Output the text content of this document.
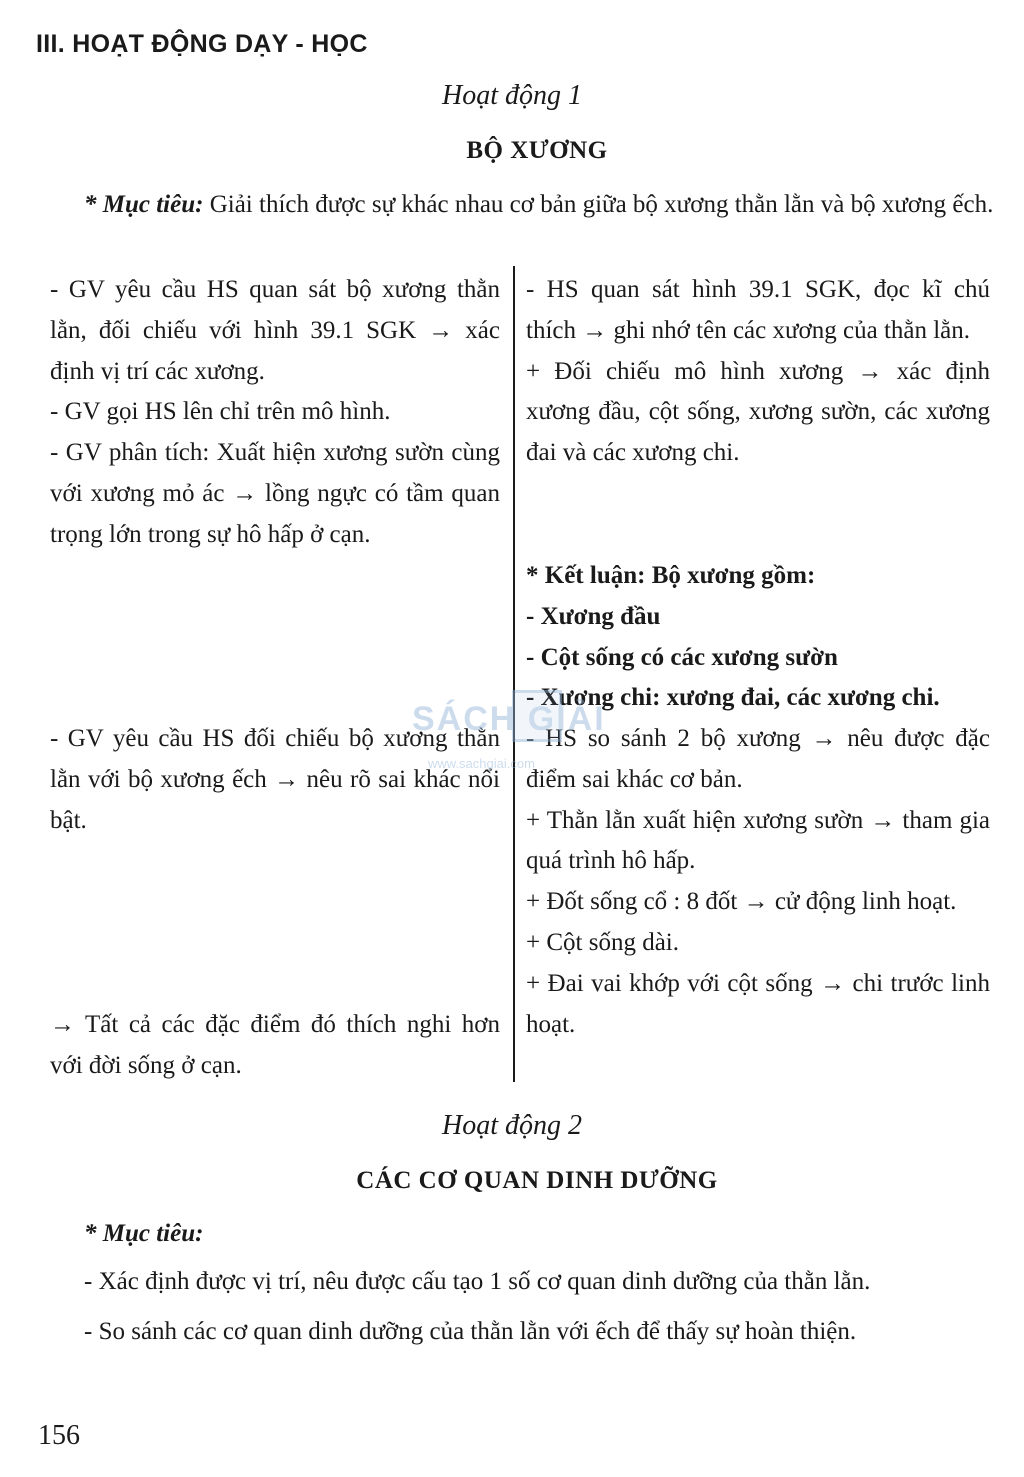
III. HOẠT ĐỘNG DẠY - HỌC
Hoạt động 1
BỘ XƯƠNG
* Mục tiêu: Giải thích được sự khác nhau cơ bản giữa bộ xương thằn lằn và bộ xương ếch.

- GV yêu cầu HS quan sát bộ xương thằn lằn, đối chiếu với hình 39.1 SGK → xác định vị trí các xương.

- GV gọi HS lên chỉ trên mô hình.

- GV phân tích: Xuất hiện xương sườn cùng với xương mỏ ác → lồng ngực có tầm quan trọng lớn trong sự hô hấp ở cạn.

- HS quan sát hình 39.1 SGK, đọc kĩ chú thích → ghi nhớ tên các xương của thằn lằn.

+ Đối chiếu mô hình xương → xác định xương đầu, cột sống, xương sườn, các xương đai và các xương chi.

* Kết luận: Bộ xương gồm:

- Xương đầu

- Cột sống có các xương sườn

- Xương chi: xương đai, các xương chi.

- GV yêu cầu HS đối chiếu bộ xương thằn lằn với bộ xương ếch → nêu rõ sai khác nổi bật.

- HS so sánh 2 bộ xương → nêu được đặc điểm sai khác cơ bản.

+ Thằn lằn xuất hiện xương sườn → tham gia quá trình hô hấp.

+ Đốt sống cổ : 8 đốt → cử động linh hoạt.

+ Cột sống dài.

+ Đai vai khớp với cột sống → chi trước linh hoạt.

→ Tất cả các đặc điểm đó thích nghi hơn với đời sống ở cạn.

SÁCH GIẢI
www.sachgiai.com
Hoạt động 2
CÁC CƠ QUAN DINH DƯỠNG
* Mục tiêu:
- Xác định được vị trí, nêu được cấu tạo 1 số cơ quan dinh dưỡng của thằn lằn.
- So sánh các cơ quan dinh dưỡng của thằn lằn với ếch để thấy sự hoàn thiện.
156
